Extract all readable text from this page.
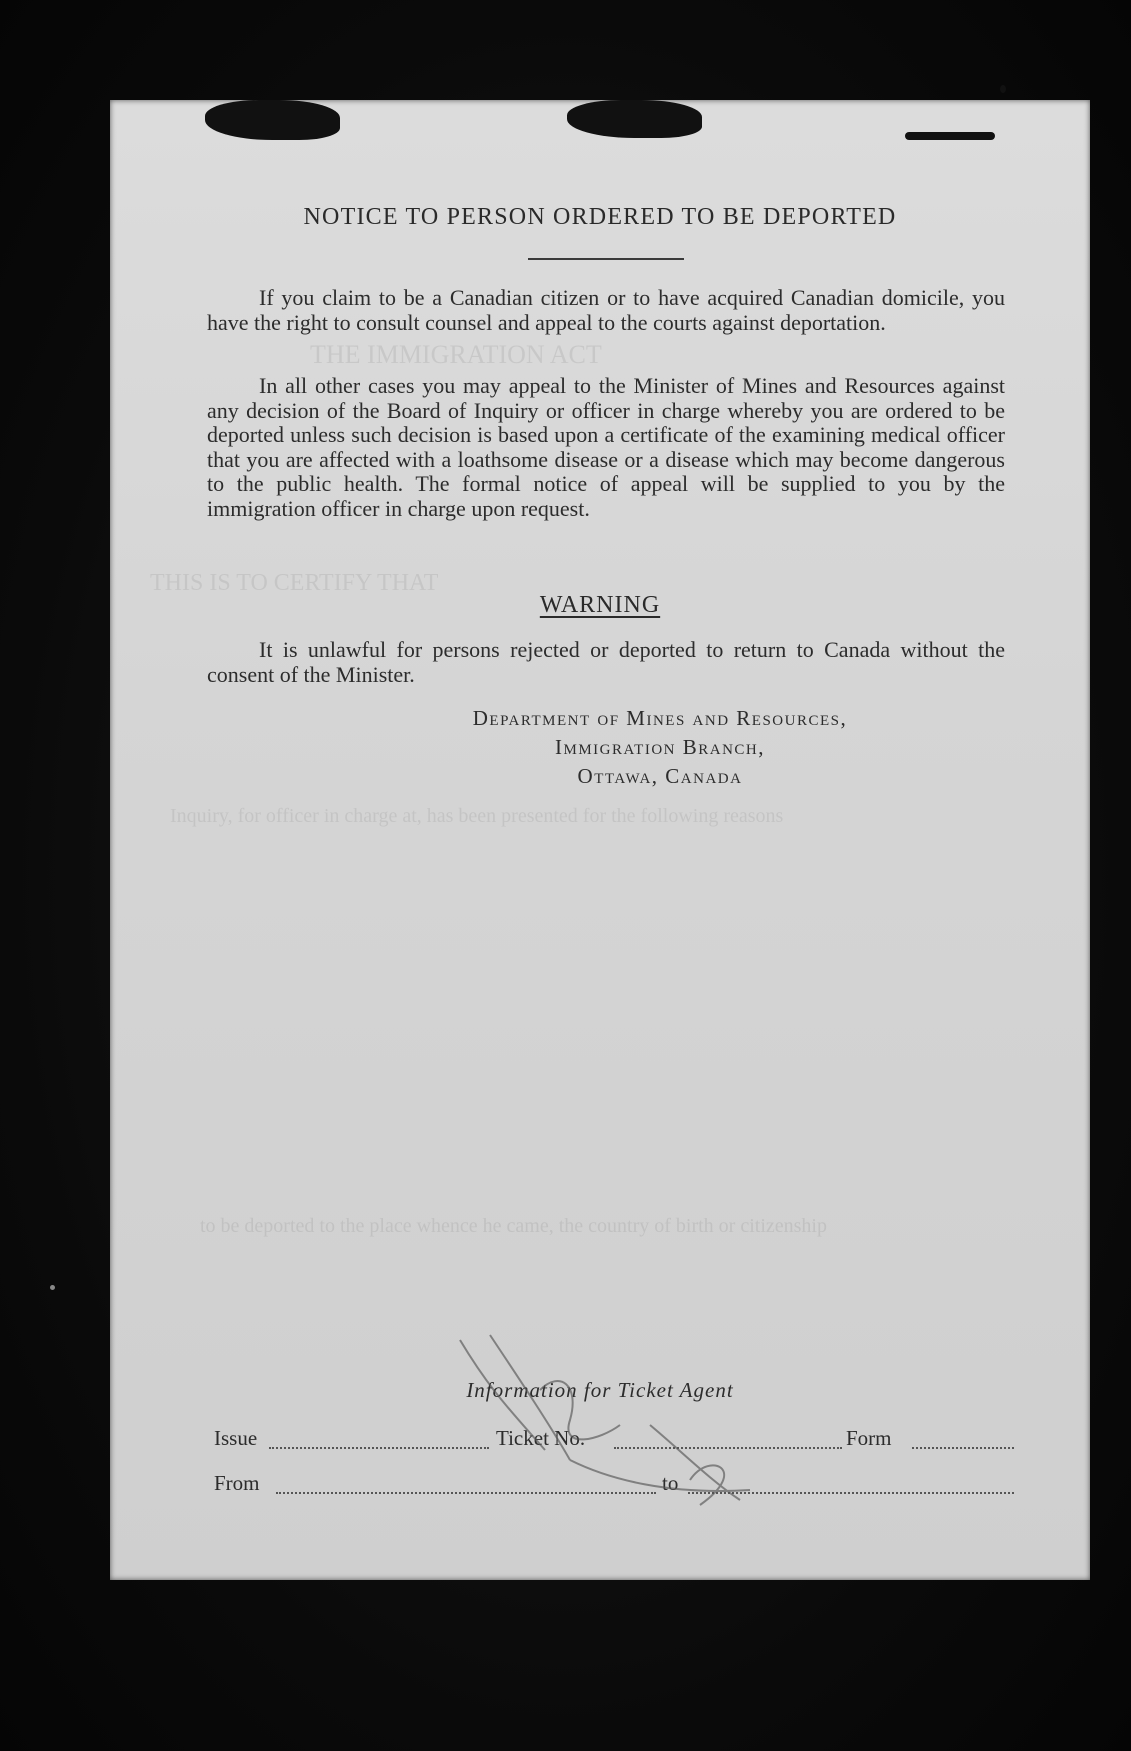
THE IMMIGRATION ACT
THIS IS TO CERTIFY THAT
Inquiry, for officer in charge at, has been presented for the following reasons
to be deported to the place whence he came, the country of birth or citizenship
NOTICE TO PERSON ORDERED TO BE DEPORTED

If you claim to be a Canadian citizen or to have acquired Canadian domicile, you have the right to consult counsel and appeal to the courts against deportation.

In all other cases you may appeal to the Minister of Mines and Resources against any decision of the Board of Inquiry or officer in charge whereby you are ordered to be deported unless such decision is based upon a certificate of the examining medical officer that you are affected with a loathsome disease or a disease which may become dangerous to the public health. The formal notice of appeal will be supplied to you by the immigration officer in charge upon request.

WARNING

It is unlawful for persons rejected or deported to return to Canada without the consent of the Minister.

Department of Mines and Resources,
Immigration Branch,
Ottawa, Canada
Information for Ticket Agent
Issue	Ticket No.	Form
From	to
